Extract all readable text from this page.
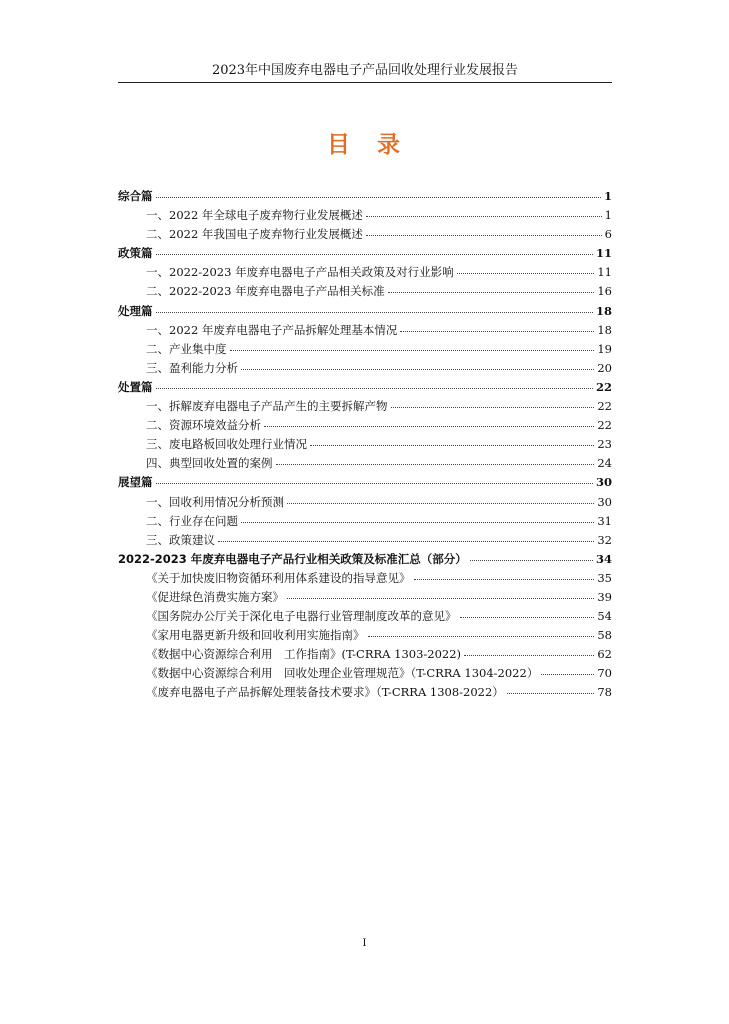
2023年中国废弃电器电子产品回收处理行业发展报告
目　录
综合篇	1
一、2022 年全球电子废弃物行业发展概述	1
二、2022 年我国电子废弃物行业发展概述	6
政策篇	11
一、2022-2023 年废弃电器电子产品相关政策及对行业影响	11
二、2022-2023 年废弃电器电子产品相关标准	16
处理篇	18
一、2022 年废弃电器电子产品拆解处理基本情况	18
二、产业集中度	19
三、盈利能力分析	20
处置篇	22
一、拆解废弃电器电子产品产生的主要拆解产物	22
二、资源环境效益分析	22
三、废电路板回收处理行业情况	23
四、典型回收处置的案例	24
展望篇	30
一、回收利用情况分析预测	30
二、行业存在问题	31
三、政策建议	32
2022-2023 年废弃电器电子产品行业相关政策及标准汇总（部分）	34
《关于加快废旧物资循环利用体系建设的指导意见》	35
《促进绿色消费实施方案》	39
《国务院办公厅关于深化电子电器行业管理制度改革的意见》	54
《家用电器更新升级和回收利用实施指南》	58
《数据中心资源综合利用　工作指南》(T-CRRA 1303-2022)	62
《数据中心资源综合利用　回收处理企业管理规范》（T-CRRA 1304-2022）	70
《废弃电器电子产品拆解处理装备技术要求》（T-CRRA 1308-2022）	78
I
